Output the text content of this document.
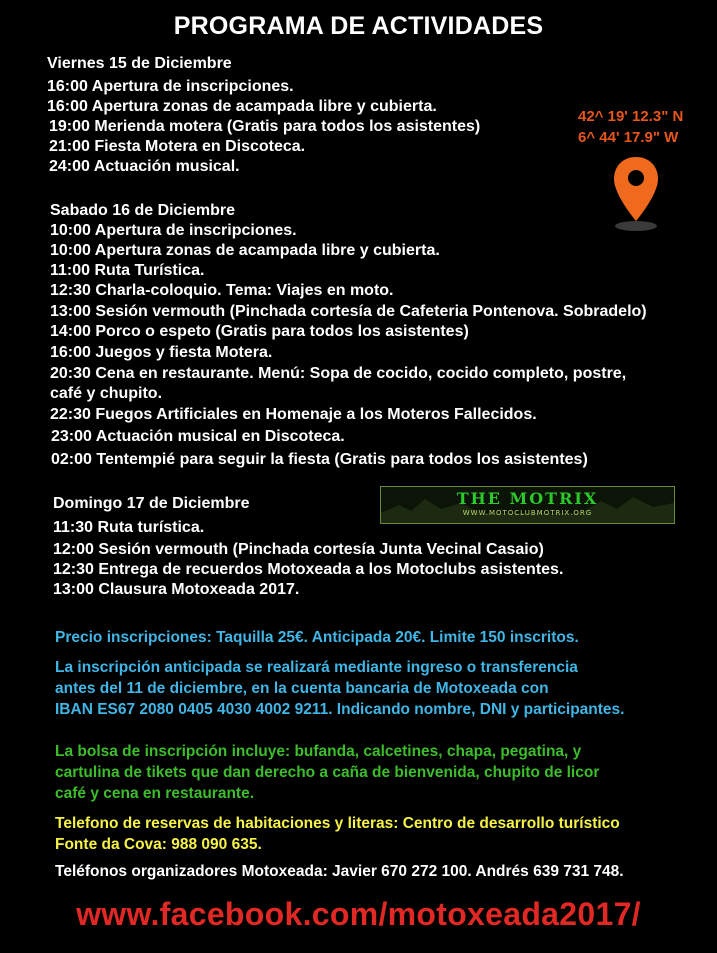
PROGRAMA DE ACTIVIDADES
Viernes 15 de Diciembre
16:00 Apertura de inscripciones.
16:00 Apertura zonas de acampada libre y cubierta.
19:00 Merienda motera (Gratis para todos los asistentes)
21:00 Fiesta Motera en Discoteca.
24:00 Actuación musical.
42^ 19' 12.3" N
6^ 44' 17.9" W
Sabado 16 de Diciembre
10:00 Apertura de inscripciones.
10:00 Apertura zonas de acampada libre y cubierta.
11:00 Ruta Turística.
12:30 Charla-coloquio. Tema: Viajes en moto.
13:00 Sesión vermouth (Pinchada cortesía de Cafeteria Pontenova. Sobradelo)
14:00 Porco o espeto (Gratis para todos los asistentes)
16:00 Juegos y fiesta Motera.
20:30 Cena en restaurante. Menú: Sopa de cocido, cocido completo, postre,
café y chupito.
22:30 Fuegos Artificiales en Homenaje a los Moteros Fallecidos.
23:00 Actuación musical en Discoteca.
02:00 Tentempié para seguir la fiesta (Gratis para todos los asistentes)
Domingo 17 de Diciembre
11:30 Ruta turística.
12:00 Sesión vermouth (Pinchada cortesía Junta Vecinal Casaio)
12:30 Entrega de recuerdos Motoxeada a los Motoclubs asistentes.
13:00 Clausura Motoxeada 2017.
THE MOTRIX
WWW.MOTOCLUBMOTRIX.ORG
Precio inscripciones: Taquilla 25€. Anticipada 20€. Limite 150 inscritos.
La inscripción anticipada se realizará mediante ingreso o transferencia
antes del 11 de diciembre, en la cuenta bancaria de Motoxeada con
IBAN ES67 2080 0405 4030 4002 9211. Indicando nombre, DNI y participantes.
La bolsa de inscripción incluye: bufanda, calcetines, chapa, pegatina, y
cartulina de tikets que dan derecho a caña de bienvenida, chupito de licor
café y cena en restaurante.
Telefono de reservas de habitaciones y literas: Centro de desarrollo turístico
Fonte da Cova: 988 090 635.
Teléfonos organizadores Motoxeada: Javier 670 272 100. Andrés 639 731 748.
www.facebook.com/motoxeada2017/
